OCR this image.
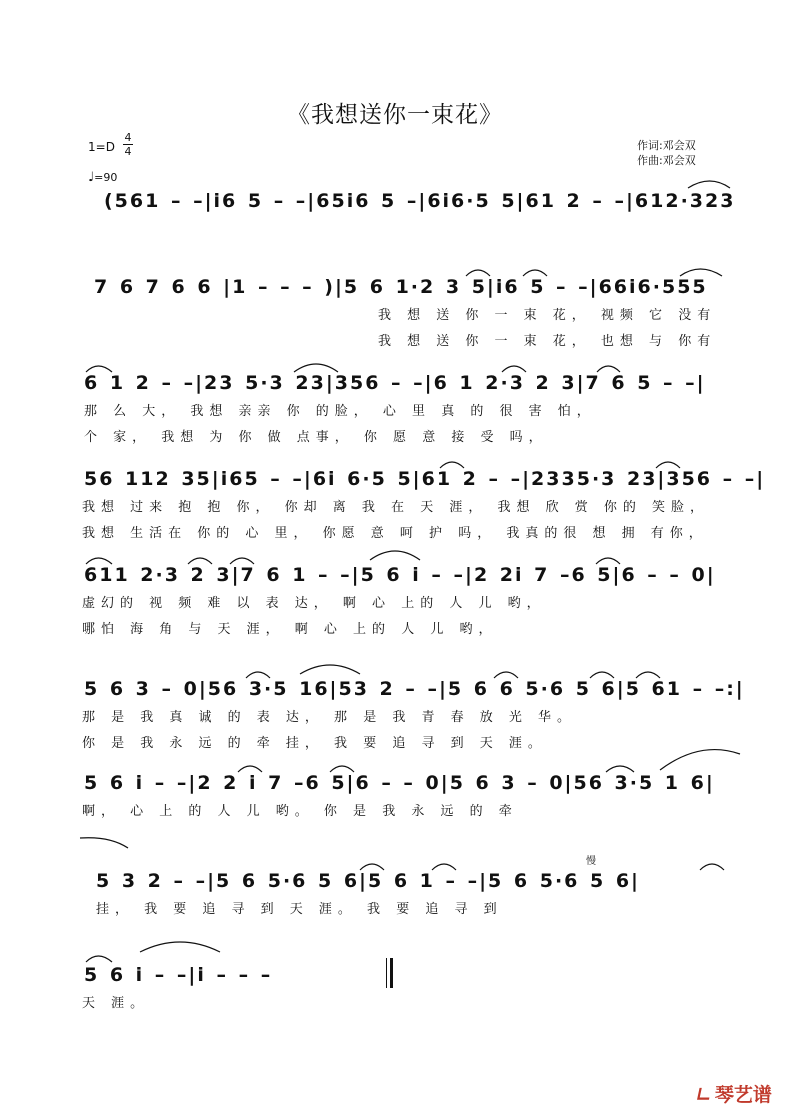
《我想送你一束花》
1=D
4
4
♩=90
作词:邓会双
作曲:邓会双
(561 – –|i6 5 – –|65i6 5 –|6i6·5 5|61 2 – –|612·323
7 6 7 6 6 |1 – – – )|5 6 1·2 3 5|i6 5 – –|66i6·555
我 想 送 你 一 束 花， 视频 它 没有
我 想 送 你 一 束 花， 也想 与 你有
6 1 2 – –|23 5·3 23|356 – –|6 1 2·3 2 3|7 6 5 – –|
那 么 大， 我想 亲亲 你 的脸， 心 里 真 的 很 害 怕，
个 家， 我想 为 你 做 点事， 你 愿 意 接 受 吗，
56 112 35|i65 – –|6i 6·5 5|61 2 – –|2335·3 23|356 – –|
我想 过来 抱 抱 你， 你却 离 我 在 天 涯， 我想 欣 赏 你的 笑脸，
我想 生活在 你的 心 里， 你愿 意 呵 护 吗， 我真的很 想 拥 有你，
611 2·3 2 3|7 6 1 – –|5 6 i – –|2 2i 7 –6 5|6 – – 0|
虚幻的 视 频 难 以 表 达， 啊 心 上的 人 儿 哟，
哪怕 海 角 与 天 涯， 啊 心 上的 人 儿 哟，
5 6 3 – 0|56 3·5 16|53 2 – –|5 6 6 5·6 5 6|5 61 – –:|
那 是 我 真 诚 的 表 达， 那 是 我 青 春 放 光 华。
你 是 我 永 远 的 牵 挂， 我 要 追 寻 到 天 涯。
5 6 i – –|2 2 i 7 –6 5|6 – – 0|5 6 3 – 0|56 3·5 1 6|
啊， 心 上 的 人 儿 哟。 你 是 我 永 远 的 牵
慢
5 3 2 – –|5 6 5·6 5 6|5 6 1 – –|5 6 5·6 5 6|
挂， 我 要 追 寻 到 天 涯。 我 要 追 寻 到
5 6 i – –|i – – –
天 涯。
∟琴艺谱
